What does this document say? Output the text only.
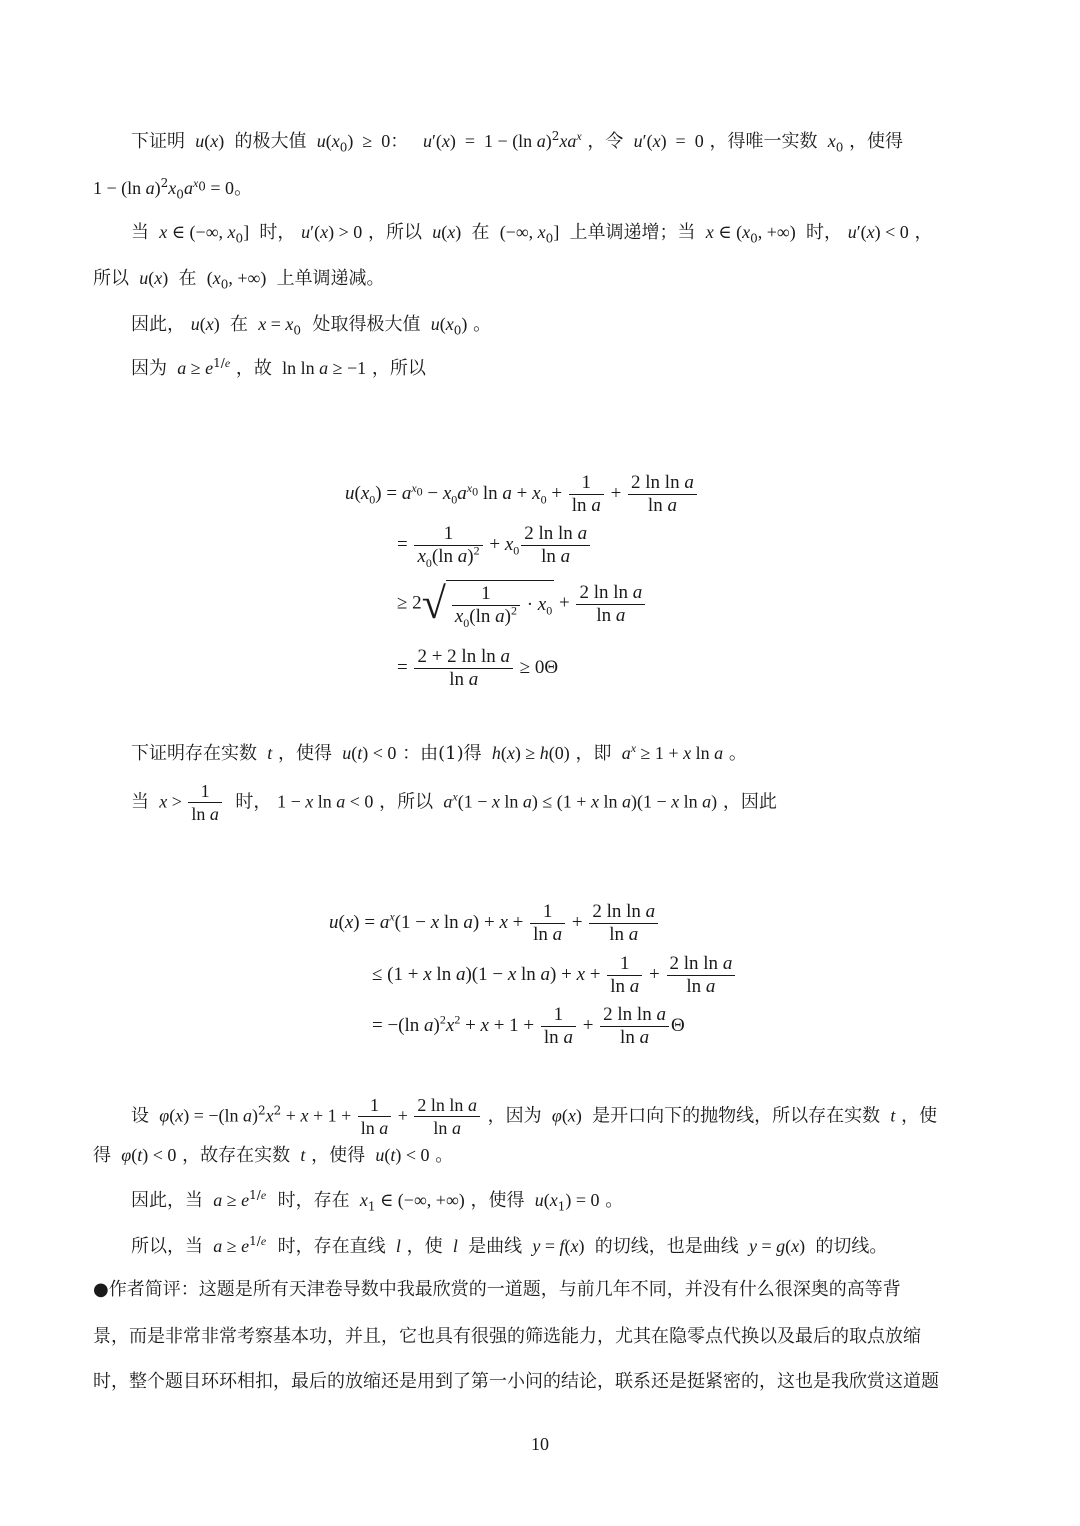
下证明  u(x)  的极大值  $u(x_0) \ge 0$：   u′(x)  =  1 − (ln $a)^2xa^x$ ，令  u′(x)  =  0 ，得唯一实数  $x_0$ ，使得
1 − (ln $a)^2x_0a^{x_0} = 0$。
当  x ∈ (−∞, $x_0$]  时， u′(x) > 0 ，所以  u(x)  在  (−∞, $x_0$]  上单调递增；当  x ∈ ($x_0$, +∞)  时， u′(x) < 0 ，
所以  u(x)  在  ($x_0$, +∞)  上单调递减。
因此， u(x)  在  $x = x_0$ 处取得极大值  $u(x_0)$ 。
因为  $a \ge e^{1/e}$ ，故  ln ln a ≥ −1 ，所以
$u(x_0) = a^{x_0} - x_0a^{x_0}$ $\ln a + x_0 + \frac{1}{\text{ln a}} + \frac{\text{2 ln ln a}}{\text{ln a}}$
= $\frac{1}{x_0(\ln a)^2} + x_0 \frac{\text{2 ln ln a}}{\text{ln a}}$
≥ $2√ \frac{1}{x_0(\ln a)^2} \cdot x_0 + \frac{\text{2 ln ln a}}{\text{ln a}}$
= $\frac{\text{2 + 2 ln ln a}}{\text{ln a}} \ge 0\Theta$
下证明存在实数  t ，使得  u(t) < 0 ：由(1)得  h(x) ≥ h(0) ，即  $a^x \ge 1 + x$ ln a 。
当  $x > \frac{1}{\text{ln a}}$ 时， 1 − x ln a < 0 ，所以  $a^x(1 - x$ ln a) ≤ (1 + x ln a)(1 − x ln a) ，因此
$u(x) = a^x(1 - x$ $\ln a) + x + \frac{1}{\text{ln a}} + \frac{\text{2 ln ln a}}{\text{ln a}}$
≤ (1 + x ln a)(1 − x $\ln a) + x + \frac{1}{\text{ln a}} + \frac{\text{2 ln ln a}}{\text{ln a}}$
= −(ln $a)^2x^2 + x + 1 + \frac{1}{\text{ln a}} + \frac{\text{2 ln ln a}}{\text{ln a}}$ Θ
设  φ(x) = −(ln $a)^2x^2 + x + 1 + \frac{1}{\text{ln a}} + \frac{\text{2 ln ln a}}{\text{ln a}}$ ，因为  φ(x)  是开口向下的抛物线，所以存在实数  t ，使
得  φ(t) < 0 ，故存在实数  t ，使得  u(t) < 0 。
因此，当  $a \ge e^{1/e}$ 时，存在  $x_1$ ∈ (−∞, +∞) ，使得  $u(x_1) = 0$ 。
所以，当  $a \ge e^{1/e}$ 时，存在直线  l ，使  l  是曲线  y = f(x)  的切线，也是曲线  y = g(x)  的切线。
●作者简评：这题是所有天津卷导数中我最欣赏的一道题，与前几年不同，并没有什么很深奥的高等背
景，而是非常非常考察基本功，并且，它也具有很强的筛选能力，尤其在隐零点代换以及最后的取点放缩
时，整个题目环环相扣，最后的放缩还是用到了第一小问的结论，联系还是挺紧密的，这也是我欣赏这道题
10
